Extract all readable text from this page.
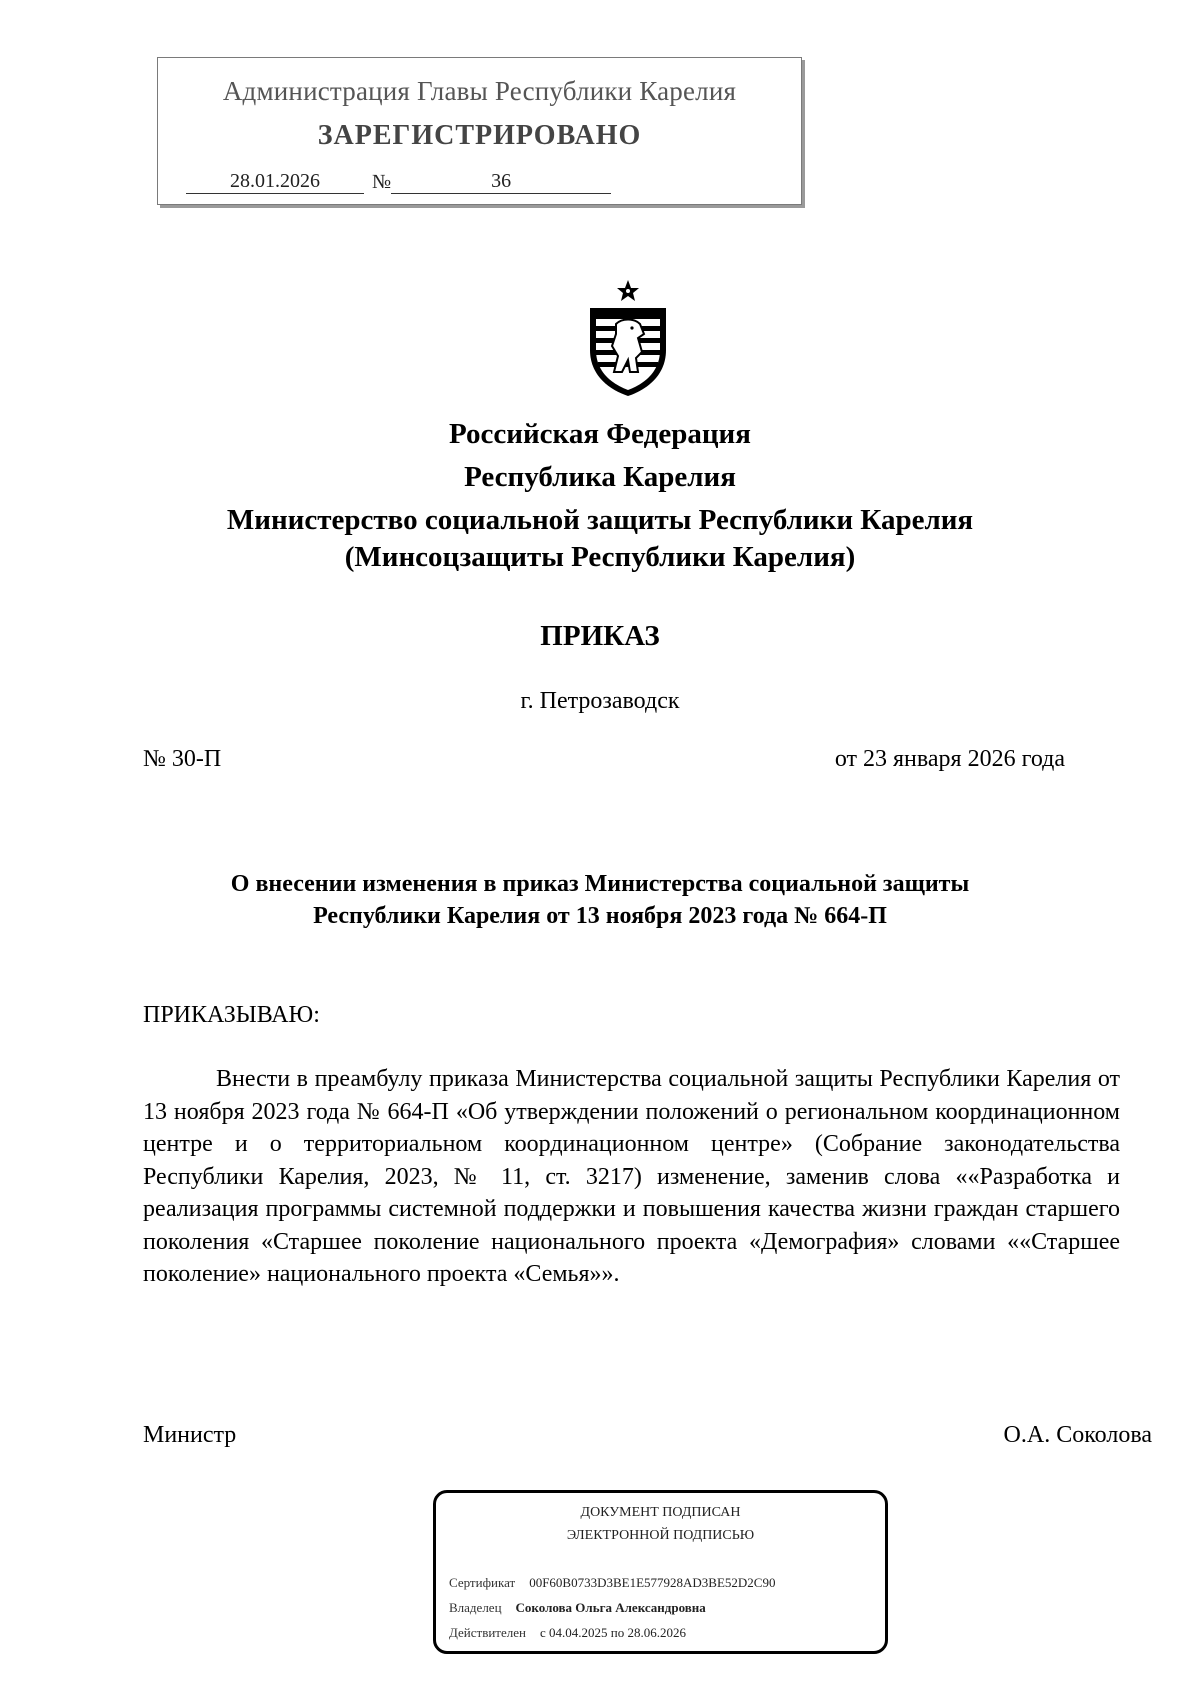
Администрация Главы Республики Карелия
ЗАРЕГИСТРИРОВАНО
28.01.2026	№	36
Российская Федерация
Республика Карелия
Министерство социальной защиты Республики Карелия
(Минсоцзащиты Республики Карелия)
ПРИКАЗ
г. Петрозаводск
№ 30-П	от 23 января 2026 года
О внесении изменения в приказ Министерства социальной защиты
Республики Карелия от 13 ноября 2023 года № 664-П
ПРИКАЗЫВАЮ:

Внести в преамбулу приказа Министерства социальной защиты Республики Карелия от 13 ноября 2023 года № 664-П «Об утверждении положений о региональном координационном центре и о территориальном координационном центре» (Собрание законодательства Республики Карелия, 2023, № 11, ст. 3217) изменение, заменив слова ««Разработка и реализация программы системной поддержки и повышения качества жизни граждан старшего поколения «Старшее поколение национального проекта «Демография» словами ««Старшее поколение» национального проекта «Семья»».

Министр	О.А. Соколова
ДОКУМЕНТ ПОДПИСАН
ЭЛЕКТРОННОЙ ПОДПИСЬЮ
Сертификат 00F60B0733D3BE1E577928AD3BE52D2C90
Владелец Соколова Ольга Александровна
Действителен с 04.04.2025 по 28.06.2026
